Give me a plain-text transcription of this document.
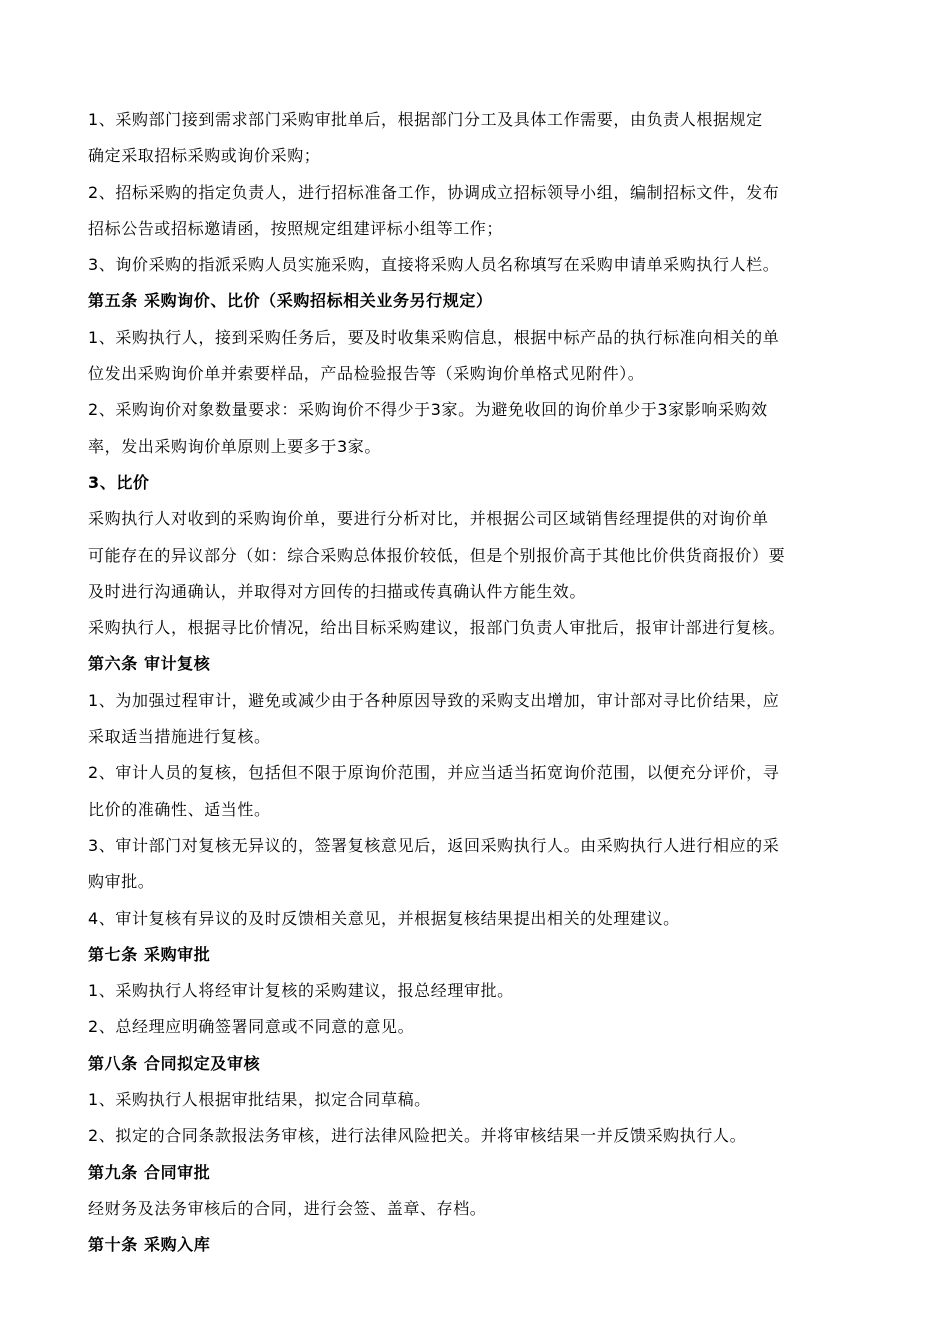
1、采购部门接到需求部门采购审批单后，根据部门分工及具体工作需要，由负责人根据规定
确定采取招标采购或询价采购；
2、招标采购的指定负责人，进行招标准备工作，协调成立招标领导小组，编制招标文件，发布
招标公告或招标邀请函，按照规定组建评标小组等工作；
3、询价采购的指派采购人员实施采购，直接将采购人员名称填写在采购申请单采购执行人栏。
第五条 采购询价、比价（采购招标相关业务另行规定）
1、采购执行人，接到采购任务后，要及时收集采购信息，根据中标产品的执行标准向相关的单
位发出采购询价单并索要样品，产品检验报告等（采购询价单格式见附件）。
2、采购询价对象数量要求：采购询价不得少于3家。为避免收回的询价单少于3家影响采购效
率，发出采购询价单原则上要多于3家。
3、比价
采购执行人对收到的采购询价单，要进行分析对比，并根据公司区域销售经理提供的对询价单
可能存在的异议部分（如：综合采购总体报价较低，但是个别报价高于其他比价供货商报价）要
及时进行沟通确认，并取得对方回传的扫描或传真确认件方能生效。
采购执行人，根据寻比价情况，给出目标采购建议，报部门负责人审批后，报审计部进行复核。
第六条 审计复核
1、为加强过程审计，避免或减少由于各种原因导致的采购支出增加，审计部对寻比价结果，应
采取适当措施进行复核。
2、审计人员的复核，包括但不限于原询价范围，并应当适当拓宽询价范围，以便充分评价，寻
比价的准确性、适当性。
3、审计部门对复核无异议的，签署复核意见后，返回采购执行人。由采购执行人进行相应的采
购审批。
4、审计复核有异议的及时反馈相关意见，并根据复核结果提出相关的处理建议。
第七条 采购审批
1、采购执行人将经审计复核的采购建议，报总经理审批。
2、总经理应明确签署同意或不同意的意见。
第八条 合同拟定及审核
1、采购执行人根据审批结果，拟定合同草稿。
2、拟定的合同条款报法务审核，进行法律风险把关。并将审核结果一并反馈采购执行人。
第九条 合同审批
经财务及法务审核后的合同，进行会签、盖章、存档。
第十条 采购入库
